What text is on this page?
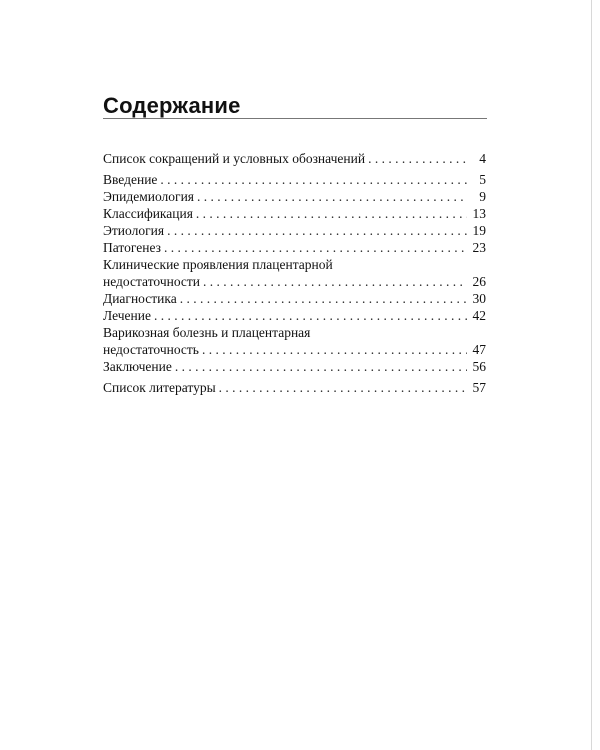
Содержание
Список сокращений и условных обозначений . . .	4
Введение . . .	5
Эпидемиология . . .	9
Классификация . . .	13
Этиология . . .	19
Патогенез . . .	23
Клинические проявления плацентарной
недостаточности . . .	26
Диагностика . . .	30
Лечение . . .	42
Варикозная болезнь и плацентарная
недостаточность . . .	47
Заключение . . .	56
Список литературы . . .	57
